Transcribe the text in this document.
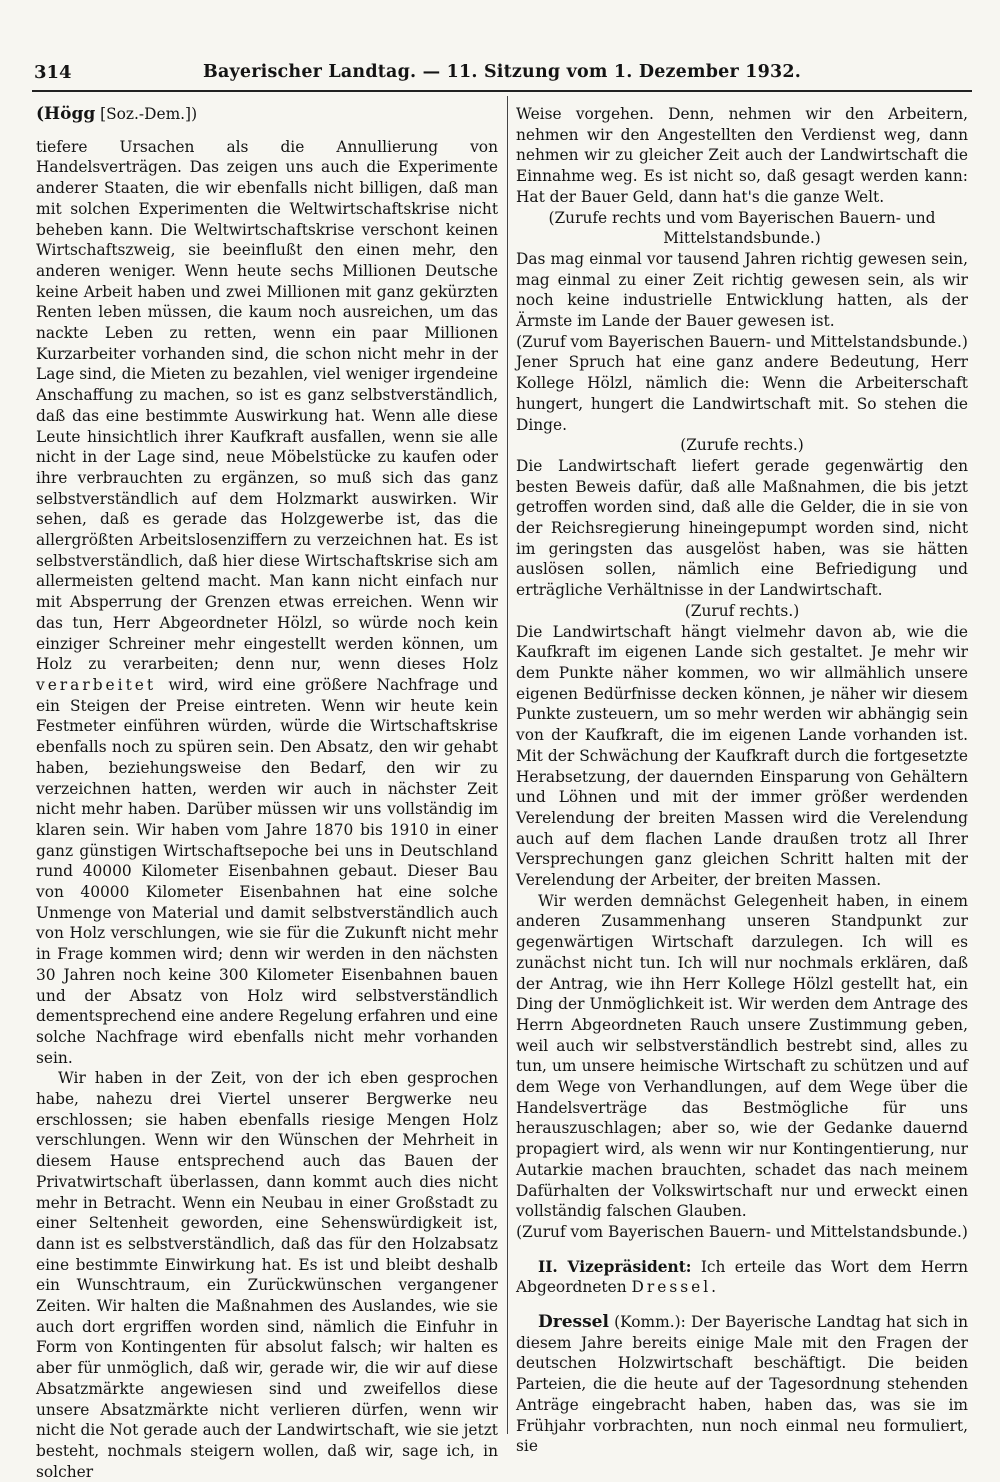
314	Bayerischer Landtag. — 11. Sitzung vom 1. Dezember 1932.

(Högg [Soz.-Dem.])

tiefere Ursachen als die Annullierung von Handelsverträgen. Das zeigen uns auch die Experimente anderer Staaten, die wir ebenfalls nicht billigen, daß man mit solchen Experimenten die Weltwirtschaftskrise nicht beheben kann. Die Weltwirtschaftskrise verschont keinen Wirtschaftszweig, sie beeinflußt den einen mehr, den anderen weniger. Wenn heute sechs Millionen Deutsche keine Arbeit haben und zwei Millionen mit ganz gekürzten Renten leben müssen, die kaum noch ausreichen, um das nackte Leben zu retten, wenn ein paar Millionen Kurzarbeiter vorhanden sind, die schon nicht mehr in der Lage sind, die Mieten zu bezahlen, viel weniger irgendeine Anschaffung zu machen, so ist es ganz selbstverständlich, daß das eine bestimmte Auswirkung hat. Wenn alle diese Leute hinsichtlich ihrer Kaufkraft ausfallen, wenn sie alle nicht in der Lage sind, neue Möbelstücke zu kaufen oder ihre verbrauchten zu ergänzen, so muß sich das ganz selbstverständlich auf dem Holzmarkt auswirken. Wir sehen, daß es gerade das Holzgewerbe ist, das die allergrößten Arbeitslosenziffern zu verzeichnen hat. Es ist selbstverständlich, daß hier diese Wirtschaftskrise sich am allermeisten geltend macht. Man kann nicht einfach nur mit Absperrung der Grenzen etwas erreichen. Wenn wir das tun, Herr Abgeordneter Hölzl, so würde noch kein einziger Schreiner mehr eingestellt werden können, um Holz zu verarbeiten; denn nur, wenn dieses Holz verarbeitet wird, wird eine größere Nachfrage und ein Steigen der Preise eintreten. Wenn wir heute kein Festmeter einführen würden, würde die Wirtschaftskrise ebenfalls noch zu spüren sein. Den Absatz, den wir gehabt haben, beziehungsweise den Bedarf, den wir zu verzeichnen hatten, werden wir auch in nächster Zeit nicht mehr haben. Darüber müssen wir uns vollständig im klaren sein. Wir haben vom Jahre 1870 bis 1910 in einer ganz günstigen Wirtschaftsepoche bei uns in Deutschland rund 40000 Kilometer Eisenbahnen gebaut. Dieser Bau von 40000 Kilometer Eisenbahnen hat eine solche Unmenge von Material und damit selbstverständlich auch von Holz verschlungen, wie sie für die Zukunft nicht mehr in Frage kommen wird; denn wir werden in den nächsten 30 Jahren noch keine 300 Kilometer Eisenbahnen bauen und der Absatz von Holz wird selbstverständlich dementsprechend eine andere Regelung erfahren und eine solche Nachfrage wird ebenfalls nicht mehr vorhanden sein.

Wir haben in der Zeit, von der ich eben gesprochen habe, nahezu drei Viertel unserer Bergwerke neu erschlossen; sie haben ebenfalls riesige Mengen Holz verschlungen. Wenn wir den Wünschen der Mehrheit in diesem Hause entsprechend auch das Bauen der Privatwirtschaft überlassen, dann kommt auch dies nicht mehr in Betracht. Wenn ein Neubau in einer Großstadt zu einer Seltenheit geworden, eine Sehenswürdigkeit ist, dann ist es selbstverständlich, daß das für den Holzabsatz eine bestimmte Einwirkung hat. Es ist und bleibt deshalb ein Wunschtraum, ein Zurückwünschen vergangener Zeiten. Wir halten die Maßnahmen des Auslandes, wie sie auch dort ergriffen worden sind, nämlich die Einfuhr in Form von Kontingenten für absolut falsch; wir halten es aber für unmöglich, daß wir, gerade wir, die wir auf diese Absatzmärkte angewiesen sind und zweifellos diese unsere Absatzmärkte nicht verlieren dürfen, wenn wir nicht die Not gerade auch der Landwirtschaft, wie sie jetzt besteht, nochmals steigern wollen, daß wir, sage ich, in solcher

Weise vorgehen. Denn, nehmen wir den Arbeitern, nehmen wir den Angestellten den Verdienst weg, dann nehmen wir zu gleicher Zeit auch der Landwirtschaft die Einnahme weg. Es ist nicht so, daß gesagt werden kann: Hat der Bauer Geld, dann hat's die ganze Welt.

(Zurufe rechts und vom Bayerischen Bauern- und Mittelstandsbunde.)

Das mag einmal vor tausend Jahren richtig gewesen sein, mag einmal zu einer Zeit richtig gewesen sein, als wir noch keine industrielle Entwicklung hatten, als der Ärmste im Lande der Bauer gewesen ist.

(Zuruf vom Bayerischen Bauern- und Mittelstandsbunde.)

Jener Spruch hat eine ganz andere Bedeutung, Herr Kollege Hölzl, nämlich die: Wenn die Arbeiterschaft hungert, hungert die Landwirtschaft mit. So stehen die Dinge.

(Zurufe rechts.)

Die Landwirtschaft liefert gerade gegenwärtig den besten Beweis dafür, daß alle Maßnahmen, die bis jetzt getroffen worden sind, daß alle die Gelder, die in sie von der Reichsregierung hineingepumpt worden sind, nicht im geringsten das ausgelöst haben, was sie hätten auslösen sollen, nämlich eine Befriedigung und erträgliche Verhältnisse in der Landwirtschaft.

(Zuruf rechts.)

Die Landwirtschaft hängt vielmehr davon ab, wie die Kaufkraft im eigenen Lande sich gestaltet. Je mehr wir dem Punkte näher kommen, wo wir allmählich unsere eigenen Bedürfnisse decken können, je näher wir diesem Punkte zusteuern, um so mehr werden wir abhängig sein von der Kaufkraft, die im eigenen Lande vorhanden ist. Mit der Schwächung der Kaufkraft durch die fortgesetzte Herabsetzung, der dauernden Einsparung von Gehältern und Löhnen und mit der immer größer werdenden Verelendung der breiten Massen wird die Verelendung auch auf dem flachen Lande draußen trotz all Ihrer Versprechungen ganz gleichen Schritt halten mit der Verelendung der Arbeiter, der breiten Massen.

Wir werden demnächst Gelegenheit haben, in einem anderen Zusammenhang unseren Standpunkt zur gegenwärtigen Wirtschaft darzulegen. Ich will es zunächst nicht tun. Ich will nur nochmals erklären, daß der Antrag, wie ihn Herr Kollege Hölzl gestellt hat, ein Ding der Unmöglichkeit ist. Wir werden dem Antrage des Herrn Abgeordneten Rauch unsere Zustimmung geben, weil auch wir selbstverständlich bestrebt sind, alles zu tun, um unsere heimische Wirtschaft zu schützen und auf dem Wege von Verhandlungen, auf dem Wege über die Handelsverträge das Bestmögliche für uns herauszuschlagen; aber so, wie der Gedanke dauernd propagiert wird, als wenn wir nur Kontingentierung, nur Autarkie machen brauchten, schadet das nach meinem Dafürhalten der Volkswirtschaft nur und erweckt einen vollständig falschen Glauben.

(Zuruf vom Bayerischen Bauern- und Mittelstandsbunde.)

II. Vizepräsident: Ich erteile das Wort dem Herrn Abgeordneten Dressel.

Dressel (Komm.): Der Bayerische Landtag hat sich in diesem Jahre bereits einige Male mit den Fragen der deutschen Holzwirtschaft beschäftigt. Die beiden Parteien, die die heute auf der Tagesordnung stehenden Anträge eingebracht haben, haben das, was sie im Frühjahr vorbrachten, nun noch einmal neu formuliert, sie
